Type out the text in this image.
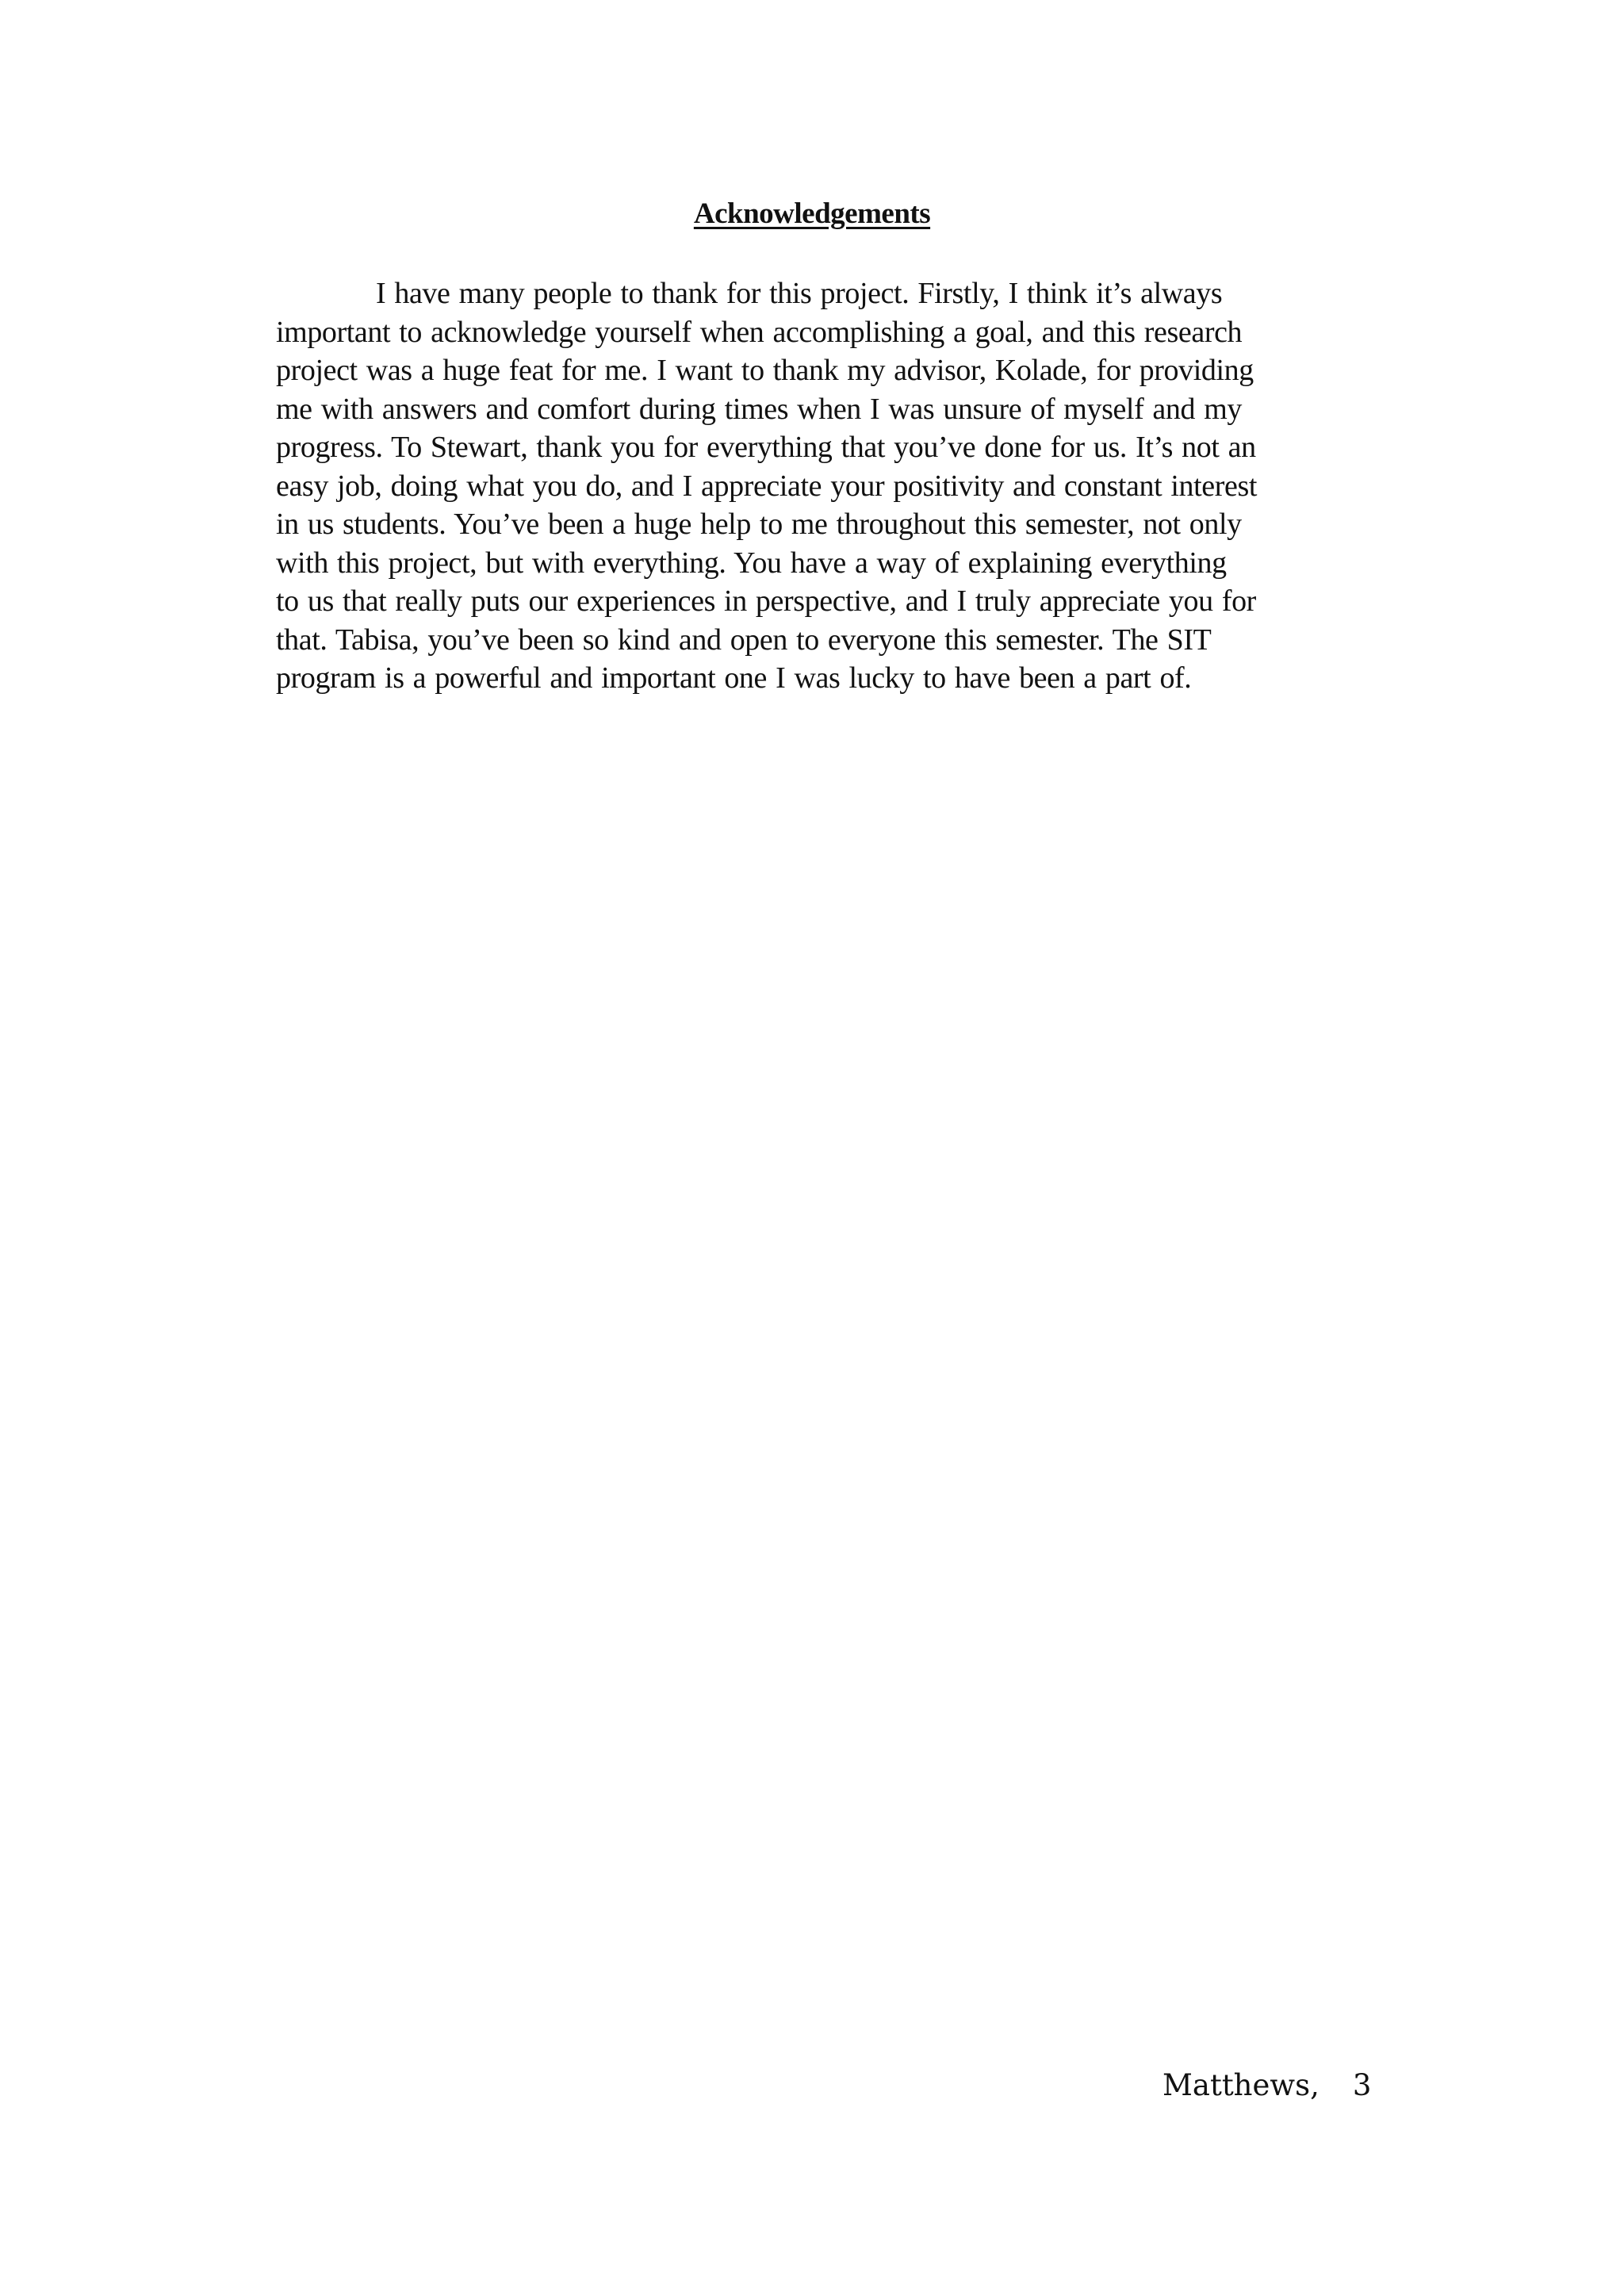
Acknowledgements
I have many people to thank for this project. Firstly, I think it’s always
important to acknowledge yourself when accomplishing a goal, and this research
project was a huge feat for me. I want to thank my advisor, Kolade, for providing
me with answers and comfort during times when I was unsure of myself and my
progress. To Stewart, thank you for everything that you’ve done for us. It’s not an
easy job, doing what you do, and I appreciate your positivity and constant interest
in us students. You’ve been a huge help to me throughout this semester, not only
with this project, but with everything. You have a way of explaining everything
to us that really puts our experiences in perspective, and I truly appreciate you for
that. Tabisa, you’ve been so kind and open to everyone this semester. The SIT
program is a powerful and important one I was lucky to have been a part of.
Matthews, 3
